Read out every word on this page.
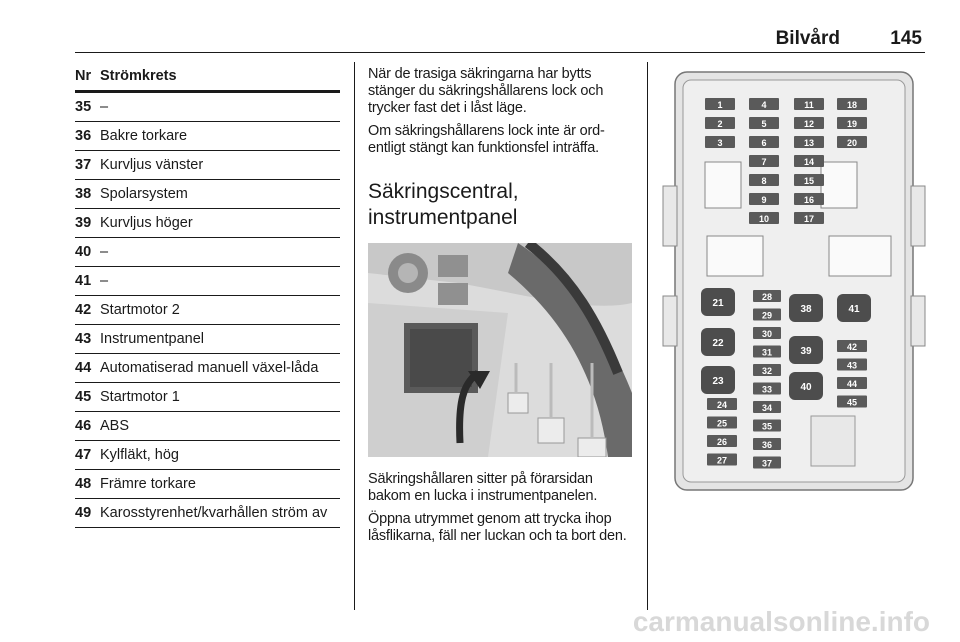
Bilvård	145
Nr Strömkrets
35 –
36 Bakre torkare
37 Kurvljus vänster
38 Spolarsystem
39 Kurvljus höger
40 –
41 –
42 Startmotor 2
43 Instrumentpanel
44 Automatiserad manuell växel-låda
45 Startmotor 1
46 ABS
47 Kylfläkt, hög
48 Främre torkare
49 Karosstyrenhet/kvarhållen ström av

När de trasiga säkringarna har bytts stänger du säkringshållarens lock och trycker fast det i låst läge.

Om säkringshållarens lock inte är ord-entligt stängt kan funktionsfel inträffa.

Säkringscentral, instrumentpanel

Säkringshållaren sitter på förarsidan bakom en lucka i instrumentpanelen.

Öppna utrymmet genom att trycka ihop låsflikarna, fäll ner luckan och ta bort den.

1
2
3
4
5
6
7
8
9
10
11
12
13
14
15
16
17
18
19
20
28
29
30
31
32
33
34
35
36
37
24
25
26
27
42
43
44
45
21
22
23
38
39
40
41
carmanualsonline.info
